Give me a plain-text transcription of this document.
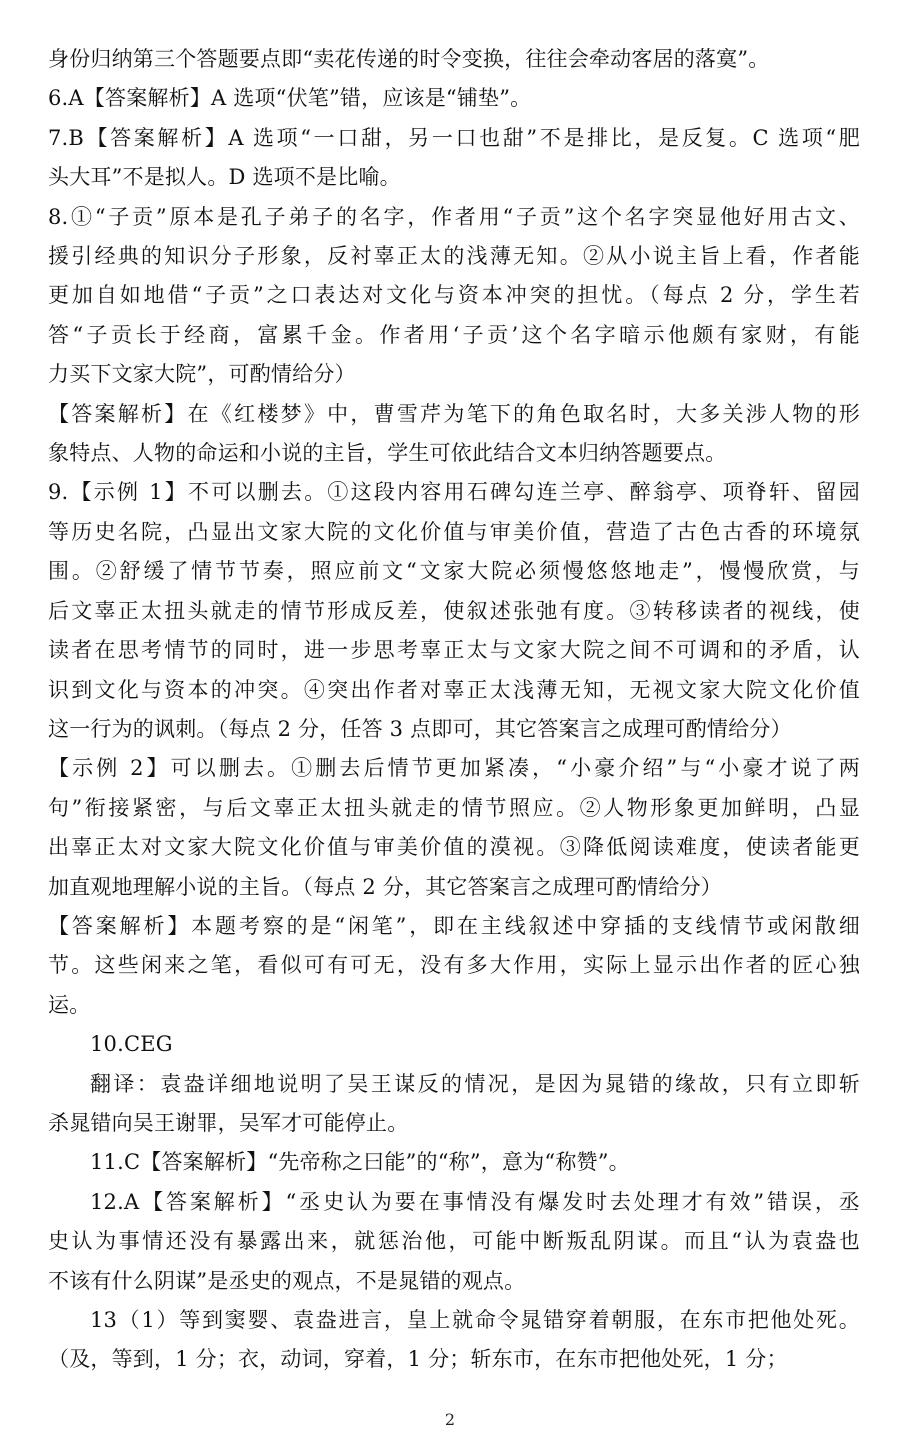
身份归纳第三个答题要点即“卖花传递的时令变换，往往会牵动客居的落寞”。
6.A【答案解析】A 选项“伏笔”错，应该是“铺垫”。
7.B【答案解析】A 选项“一口甜，另一口也甜”不是排比，是反复。C 选项“肥
头大耳”不是拟人。D 选项不是比喻。
8.①“子贡”原本是孔子弟子的名字，作者用“子贡”这个名字突显他好用古文、
援引经典的知识分子形象，反衬辜正太的浅薄无知。②从小说主旨上看，作者能
更加自如地借“子贡”之口表达对文化与资本冲突的担忧。（每点 2 分，学生若
答“子贡长于经商，富累千金。作者用‘子贡’这个名字暗示他颇有家财，有能
力买下文家大院”，可酌情给分）
【答案解析】在《红楼梦》中，曹雪芹为笔下的角色取名时，大多关涉人物的形
象特点、人物的命运和小说的主旨，学生可依此结合文本归纳答题要点。
9.【示例 1】不可以删去。①这段内容用石碑勾连兰亭、醉翁亭、项脊轩、留园
等历史名院，凸显出文家大院的文化价值与审美价值，营造了古色古香的环境氛
围。②舒缓了情节节奏，照应前文“文家大院必须慢悠悠地走”，慢慢欣赏，与
后文辜正太扭头就走的情节形成反差，使叙述张弛有度。③转移读者的视线，使
读者在思考情节的同时，进一步思考辜正太与文家大院之间不可调和的矛盾，认
识到文化与资本的冲突。④突出作者对辜正太浅薄无知，无视文家大院文化价值
这一行为的讽刺。（每点 2 分，任答 3 点即可，其它答案言之成理可酌情给分）
【示例 2】可以删去。①删去后情节更加紧凑，“小豪介绍”与“小豪才说了两
句”衔接紧密，与后文辜正太扭头就走的情节照应。②人物形象更加鲜明，凸显
出辜正太对文家大院文化价值与审美价值的漠视。③降低阅读难度，使读者能更
加直观地理解小说的主旨。（每点 2 分，其它答案言之成理可酌情给分）
【答案解析】本题考察的是“闲笔”，即在主线叙述中穿插的支线情节或闲散细
节。这些闲来之笔，看似可有可无，没有多大作用，实际上显示出作者的匠心独
运。
10.CEG
翻译：袁盎详细地说明了吴王谋反的情况，是因为晁错的缘故，只有立即斩
杀晁错向吴王谢罪，吴军才可能停止。
11.C【答案解析】“先帝称之曰能”的“称”，意为“称赞”。
12.A【答案解析】“丞史认为要在事情没有爆发时去处理才有效”错误，丞
史认为事情还没有暴露出来，就惩治他，可能中断叛乱阴谋。而且“认为袁盎也
不该有什么阴谋”是丞史的观点，不是晁错的观点。
13（1）等到窦婴、袁盎进言，皇上就命令晁错穿着朝服，在东市把他处死。
（及，等到，1 分；衣，动词，穿着，1 分；斩东市，在东市把他处死，1 分；
2
